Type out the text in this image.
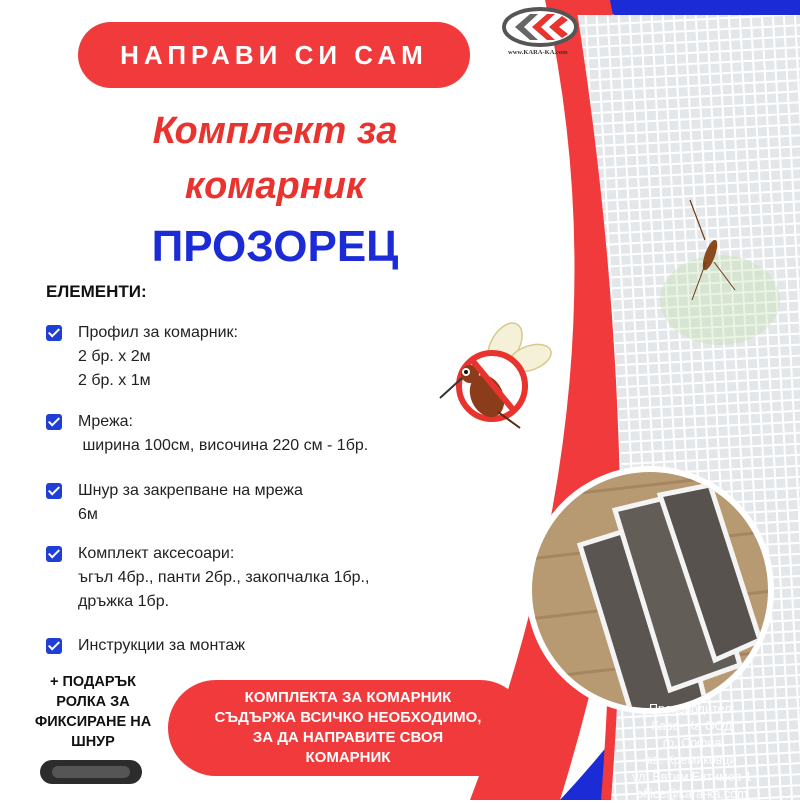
www.KARA-KA.com
НАПРАВИ СИ САМ
Комплект за
комарник
ПРОЗОРЕЦ
ЕЛЕМЕНТИ:
Профил за комарник:
2 бр. х 2м
2 бр. х 1м
Мрежа:
ширина 100см, височина 220 см - 1бр.
Шнур за закрепване на мрежа
6м
Комплект аксесоари:
ъгъл 4бр., панти 2бр., закопчалка 1бр.,
дръжка 1бр.
Инструкции за монтаж
+ ПОДАРЪК
РОЛКА ЗА
ФИКСИРАНЕ НА
ШНУР
КОМПЛЕКТА ЗА КОМАРНИК
СЪДЪРЖА ВСИЧКО НЕОБХОДИМО,
ЗА ДА НАПРАВИТЕ СВОЯ
КОМАРНИК
Производител:
Кара- Ка ООД
гр. София
кв. Кремиковци
ул. Евтим Евтимов 1
office@kara-ka.com
